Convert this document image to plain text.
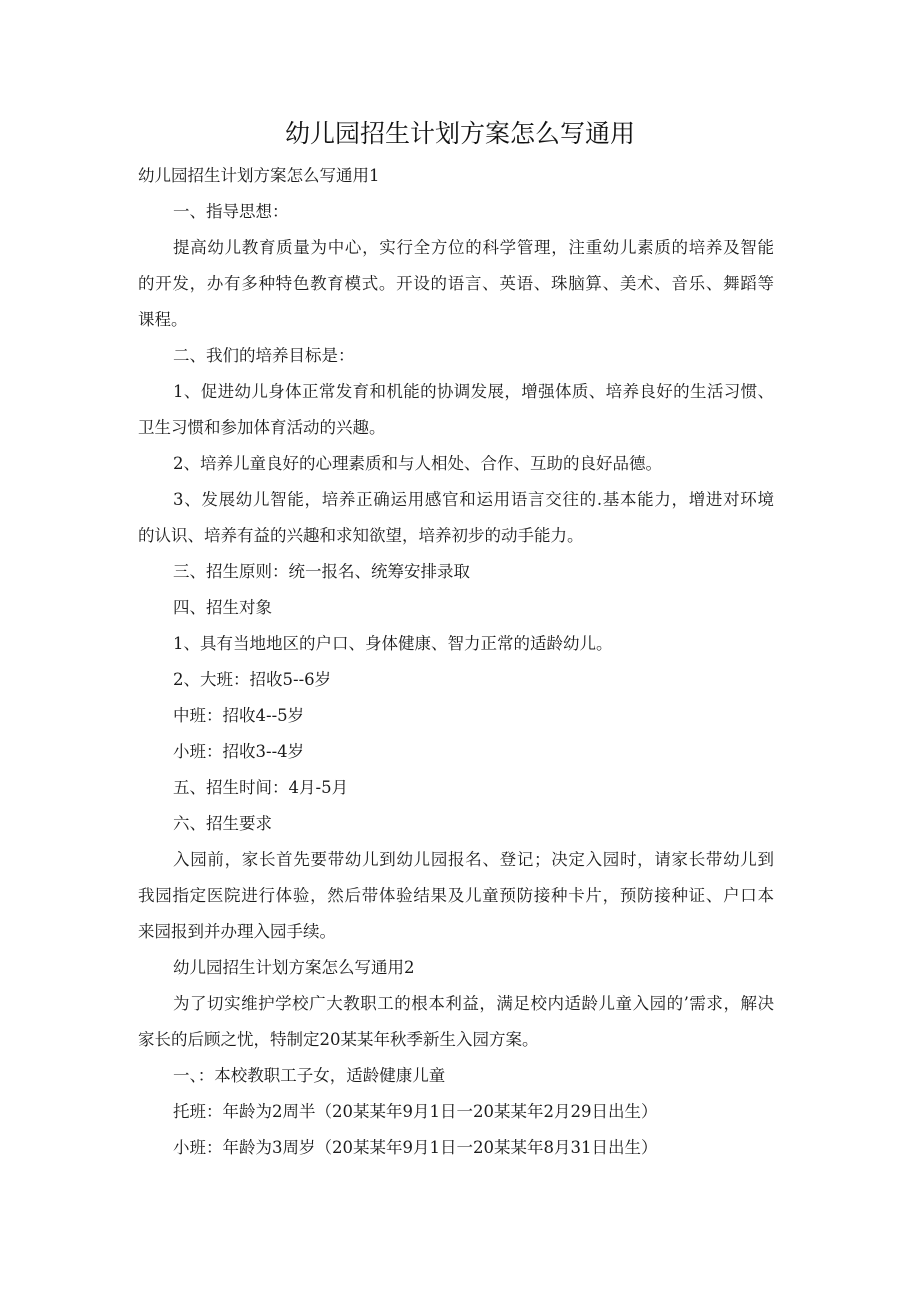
幼儿园招生计划方案怎么写通用
幼儿园招生计划方案怎么写通用1
一、指导思想：
提高幼儿教育质量为中心，实行全方位的科学管理，注重幼儿素质的培养及智能
的开发，办有多种特色教育模式。开设的语言、英语、珠脑算、美术、音乐、舞蹈等
课程。
二、我们的培养目标是：
1、促进幼儿身体正常发育和机能的协调发展，增强体质、培养良好的生活习惯、
卫生习惯和参加体育活动的兴趣。
2、培养儿童良好的心理素质和与人相处、合作、互助的良好品德。
3、发展幼儿智能，培养正确运用感官和运用语言交往的.基本能力，增进对环境
的认识、培养有益的兴趣和求知欲望，培养初步的动手能力。
三、招生原则：统一报名、统筹安排录取
四、招生对象
1、具有当地地区的户口、身体健康、智力正常的适龄幼儿。
2、大班：招收5--6岁
中班：招收4--5岁
小班：招收3--4岁
五、招生时间：4月-5月
六、招生要求
入园前，家长首先要带幼儿到幼儿园报名、登记；决定入园时，请家长带幼儿到
我园指定医院进行体验，然后带体验结果及儿童预防接种卡片，预防接种证、户口本
来园报到并办理入园手续。
幼儿园招生计划方案怎么写通用2
为了切实维护学校广大教职工的根本利益，满足校内适龄儿童入园的’需求，解决
家长的后顾之忧，特制定20某某年秋季新生入园方案。
一、：本校教职工子女，适龄健康儿童
托班：年龄为2周半（20某某年9月1日一20某某年2月29日出生）
小班：年龄为3周岁（20某某年9月1日一20某某年8月31日出生）
